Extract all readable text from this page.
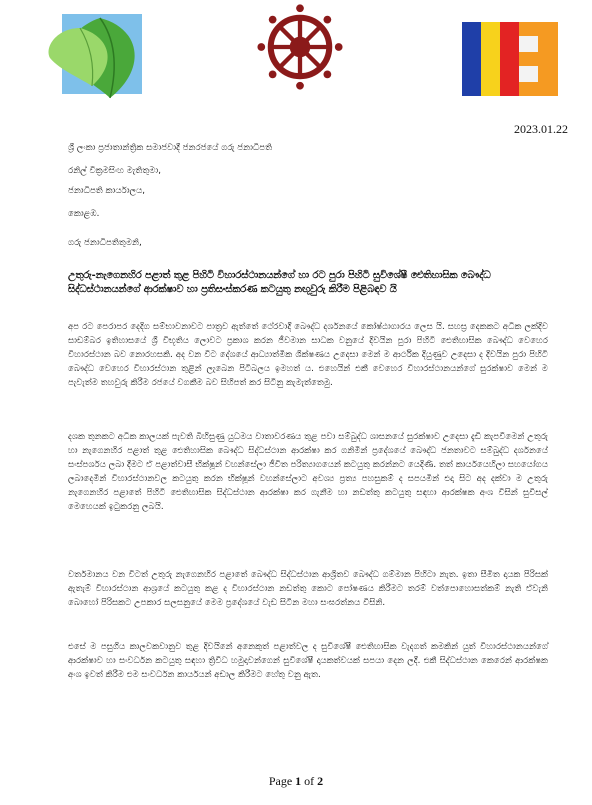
2023.01.22
ශ්‍රී ලංකා ප්‍රජාතාන්ත්‍රික සමාජවාදී ජනරජයේ ගරු ජනාධිපති
රනිල් වික්‍රමසිංහ මැතිතුමා,
ජනාධිපති කාර්යාලය,
කොළඹ.
ගරු ජනාධිපතිතුමනි,
උතුරු-නැගෙනහිර පළාත් තුළ පිහිටි විහාරස්ථානයන්ගේ හා රට පුරා පිහිටි සුවිශේෂී ඓතිහාසික බෞද්ධ සිද්ධස්ථානයන්ගේ ආරක්ෂාව හා ප්‍රතිසංස්කරණ කටයුතු නඟුවුරු කිරීම පිළිබඳව යි
අප රට පෙරාපර දෙදිග සම්භාවනාවට පාත්‍රව ඇත්තේ ථේරවාදී බෞද්ධ දර්ශනයේ කෝෂ්ඨාගාරය ලෙස යි. සහස්‍ර දෙකකට අධික ලක්දිව සාඩම්බර ඉතිහාසයේ ශ්‍රී විභූතිය ලොවට ප්‍රකාශ කරන ජීවමාන සාධක වනුයේ දිවයින පුරා පිහිටි ඓතිහාසික බෞද්ධ වෙහෙර විහාරස්ථාන බව නොරහසකි. අද වන විට දේශයේ ආධ්‍යාත්මික ශික්ෂණය උදෙසා මෙන් ම ආර්ථික දියුණුව උදෙසා ද දිවයින පුරා පිහිටි බෞද්ධ වෙහෙර විහාරස්ථාන තුළින් ලැබෙන පිටිබලය ඉමහත් ය. එහෙයින් එකී වෙහෙර විහාරස්ථානයන්ගේ සුරක්ෂාව මෙන් ම පැවැත්ම තහවුරු කිරීම රජයේ වගකීම බව සිහිපත් කර සිටිනු කැමැත්තෙමු.
දශක තුනකට අධික කාලයක් පැවති බිහිසුණු යුධමය වාතාවරණය තුළ පවා සම්බුද්ධ ශාසනයේ සුරක්ෂාව උදෙසා දැඩි කැපවීමෙන් උතුරු හා නැගෙනහිර පළාත් තුළ ඓතිහාසික බෞද්ධ සිද්ධස්ථාන ආරක්ෂා කර ගනිමින් ප්‍රදේශයේ බෞද්ධ ජනතාවට සම්බුද්ධ දර්ශනයේ සංස්පර්ශය ලබා දීමට ඒ පළාත්වාසී භික්ෂූන් වහන්සේලා ජීවිත පරිත්‍යාගයෙන් කටයුතු කරන්නට යෙදිණි. තත් කාර්යයෙහිලා සහයෝගය ලබාදෙමින් විහාරස්ථානවල කටයුතු කරන භික්ෂූන් වහන්සේලාට අවශ්‍ය ප්‍රත්‍ය පහසුකම් ද සපයමින් එදා සිට අද දක්වා ම උතුරු නැගෙනහිර පළාතේ පිහිටි ඓතිහාසික සිද්ධස්ථාන ආරක්ෂා කර ගැනීම හා නඩත්තු කටයුතු සඳහා ආරක්ෂක අංශ විසින් සුවිසල් මෙහෙයක් ඉටුකරනු ලබයි.
වර්තමානය වන විටත් උතුරු නැගෙනහිර පළාතේ බෞද්ධ සිද්ධස්ථාන ආශ්‍රිතව බෞද්ධ ගම්මාන පිහිටා නැත. ඉතා සීමිත දායක පිරිසක් ඇතැම් විහාරස්ථාන ආශ්‍රයේ කටයුතු කළ ද විහාරස්ථාන නඩත්තු කොට පෝෂණය කිරීමට තරම් වත්පොහොසත්කම් නැති ඒවැනි බොහෝ පිරිසකට උපකාර සලසනුයේ මෙම ප්‍රදේශයේ වැඩ සිටින මහා සංඝරත්නය විසිනි.
එසේ ම පසුගිය කාලවකවානුව තුළ දිවයිනේ අනෙකුත් පළාත්වල ද සුවිශේෂී ඓතිහාසික වැදගත් කමකින් යුත් විහාරස්ථානයන්ගේ ආරක්ෂාව හා සංවර්ධන කටයුතු සඳහා ත්‍රිවිධ හමුදාවන්ගෙන් සුවිශේෂී දායකත්වයක් සපයා දෙන ලදී. එකී සිද්ධස්ථාන කෙරෙන් ආරක්ෂක අංශ ඉවත් කිරීම එම සංවර්ධන කාර්යයන් අඩාල කිරීමට හේතු වනු ඇත.
Page 1 of 2
